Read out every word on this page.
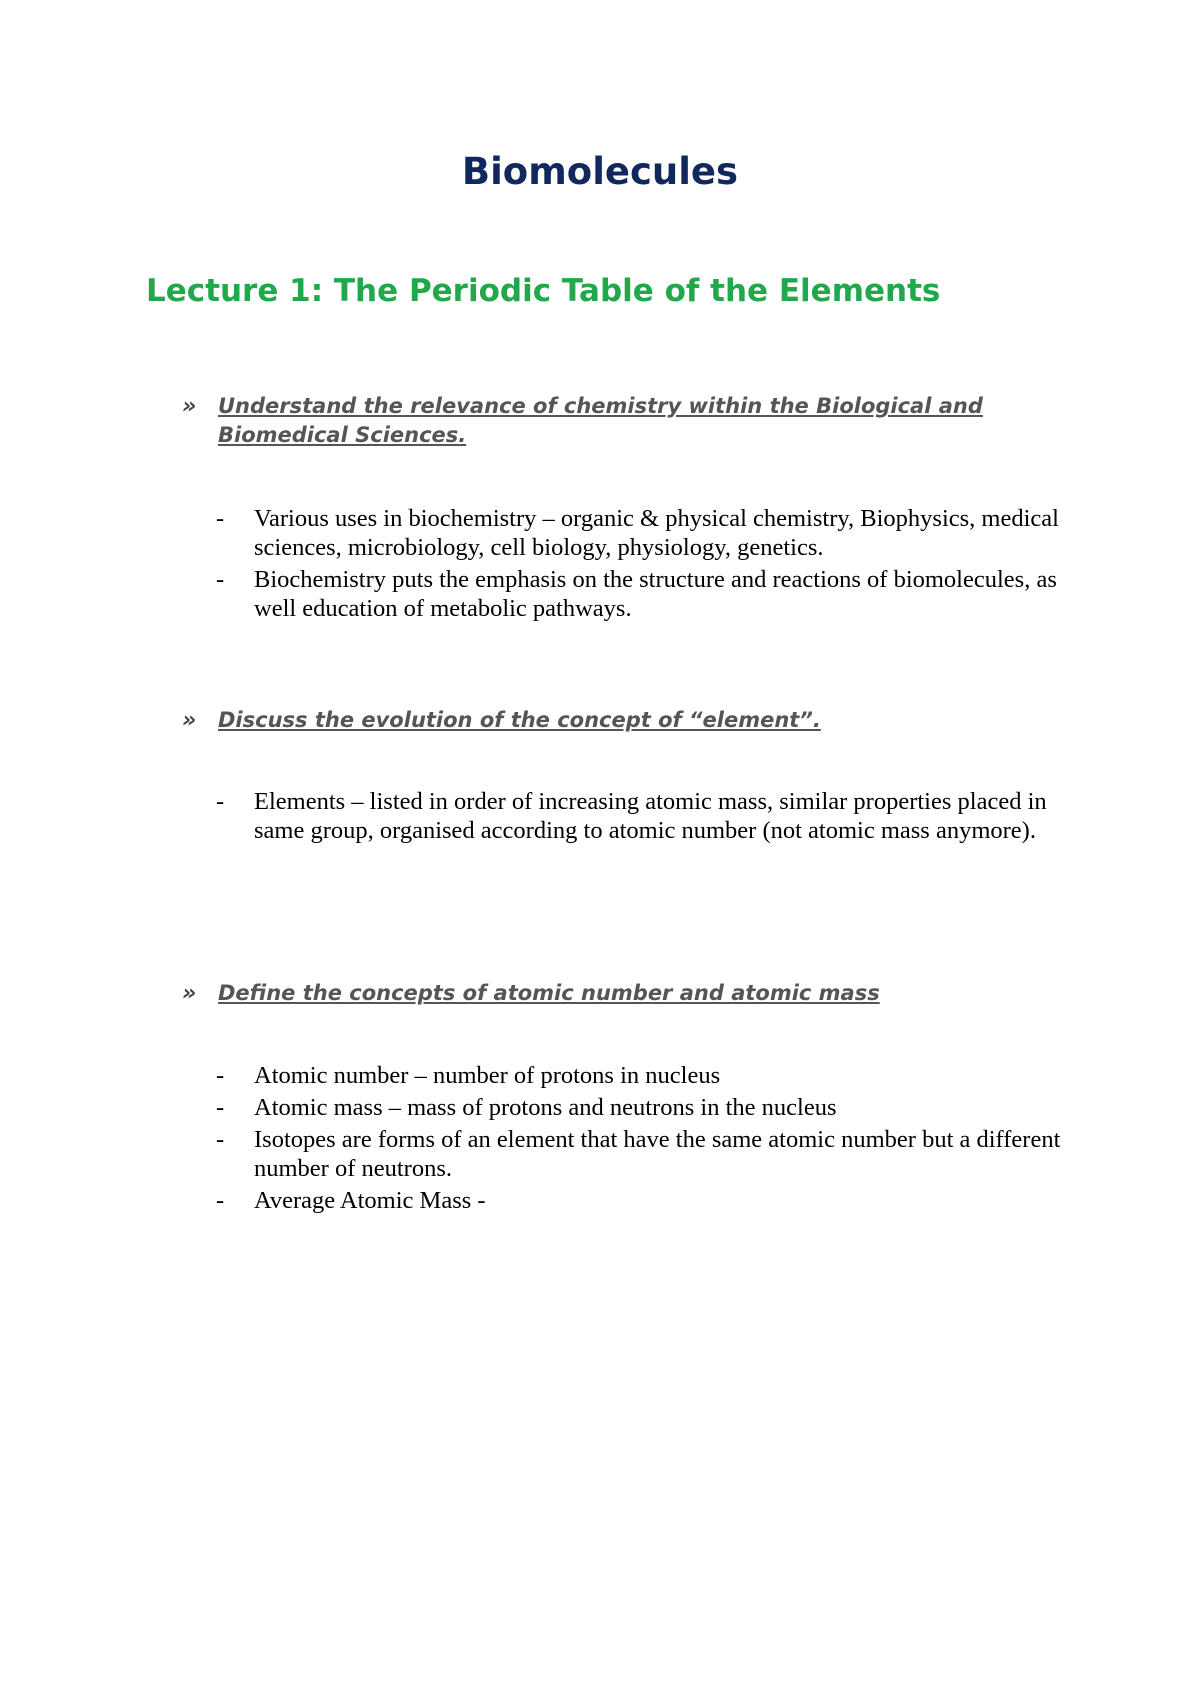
Biomolecules
Lecture 1: The Periodic Table of the Elements
» Understand the relevance of chemistry within the Biological and Biomedical Sciences.
- Various uses in biochemistry – organic & physical chemistry, Biophysics, medical sciences, microbiology, cell biology, physiology, genetics.
- Biochemistry puts the emphasis on the structure and reactions of biomolecules, as well education of metabolic pathways.
» Discuss the evolution of the concept of “element”.
- Elements – listed in order of increasing atomic mass, similar properties placed in same group, organised according to atomic number (not atomic mass anymore).
» Define the concepts of atomic number and atomic mass
- Atomic number – number of protons in nucleus
- Atomic mass – mass of protons and neutrons in the nucleus
- Isotopes are forms of an element that have the same atomic number but a different number of neutrons.
- Average Atomic Mass -
